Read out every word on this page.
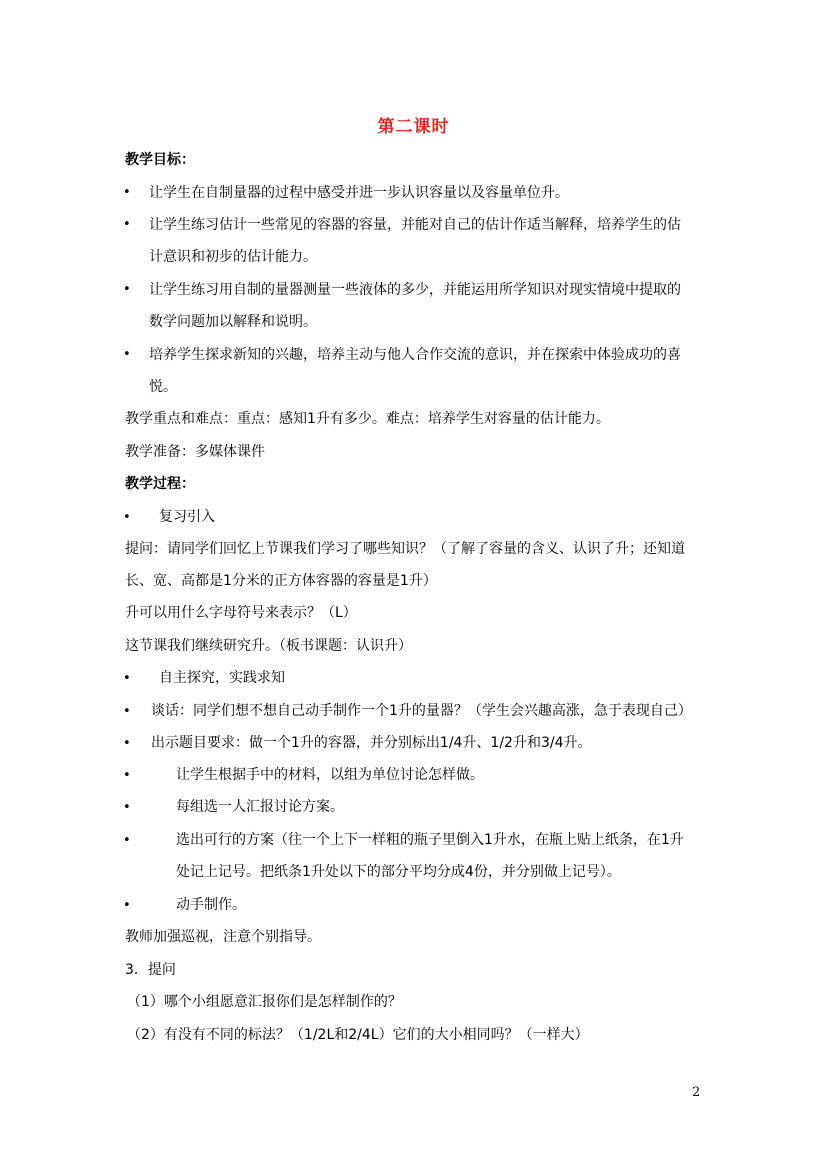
第二课时
教学目标：
• 让学生在自制量器的过程中感受并进一步认识容量以及容量单位升。
• 让学生练习估计一些常见的容器的容量，并能对自己的估计作适当解释，培养学生的估
计意识和初步的估计能力。
• 让学生练习用自制的量器测量一些液体的多少，并能运用所学知识对现实情境中提取的
数学问题加以解释和说明。
• 培养学生探求新知的兴趣，培养主动与他人合作交流的意识，并在探索中体验成功的喜
悦。
教学重点和难点：重点：感知1升有多少。难点：培养学生对容量的估计能力。
教学准备：多媒体课件
教学过程：
• 复习引入
提问：请同学们回忆上节课我们学习了哪些知识？（了解了容量的含义、认识了升；还知道
长、宽、高都是1分米的正方体容器的容量是1升）
升可以用什么字母符号来表示？（L）
这节课我们继续研究升。（板书课题：认识升）
• 自主探究，实践求知
• 谈话：同学们想不想自己动手制作一个1升的量器？（学生会兴趣高涨，急于表现自己）
• 出示题目要求：做一个1升的容器，并分别标出1/4升、1/2升和3/4升。
•	让学生根据手中的材料，以组为单位讨论怎样做。
•	每组选一人汇报讨论方案。
•	选出可行的方案（往一个上下一样粗的瓶子里倒入1升水，在瓶上贴上纸条，在1升
处记上记号。把纸条1升处以下的部分平均分成4份，并分别做上记号）。
•	动手制作。
教师加强巡视，注意个别指导。
3．提问
（1）哪个小组愿意汇报你们是怎样制作的？
（2）有没有不同的标法？（1/2L和2/4L）它们的大小相同吗？（一样大）
2
